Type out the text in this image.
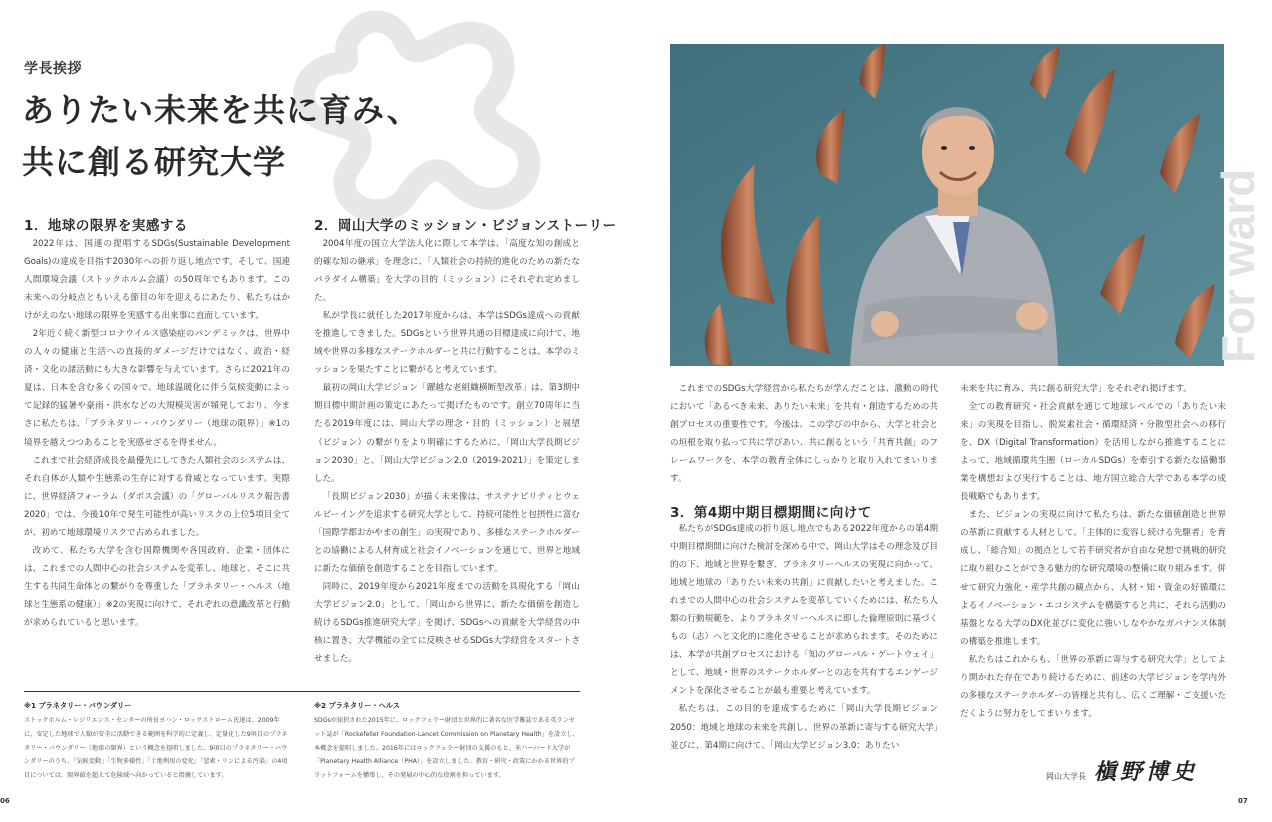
学長挨拶
ありたい未来を共に育み、
共に創る研究大学
1．地球の限界を実感する

2022年は、国連の提唱するSDGs(Sustainable Development Goals)の達成を目指す2030年への折り返し地点です。そして、国連人間環境会議（ストックホルム会議）の50周年でもあります。この未来への分岐点ともいえる節目の年を迎えるにあたり、私たちはかけがえのない地球の限界を実感する出来事に直面しています。

2年近く続く新型コロナウイルス感染症のパンデミックは、世界中の人々の健康と生活への直接的ダメージだけではなく、政治・経済・文化の諸活動にも大きな影響を与えています。さらに2021年の夏は、日本を含む多くの国々で、地球温暖化に伴う気候変動によって記録的猛暑や豪雨・洪水などの大規模災害が頻発しており、今まさに私たちは、「プラネタリー・バウンダリー（地球の限界）」※1の境界を越えつつあることを実感せざるを得ません。

これまで社会経済成長を最優先にしてきた人類社会のシステムは、それ自体が人類や生態系の生存に対する脅威となっています。実際に、世界経済フォーラム（ダボス会議）の「グローバルリスク報告書2020」では、今後10年で発生可能性が高いリスクの上位5項目全てが、初めて地球環境リスクで占められました。

改めて、私たち大学を含む国際機関や各国政府、企業・団体には、これまでの人間中心の社会システムを変革し、地球と、そこに共生する共同生命体との繋がりを尊重した「プラネタリー・ヘルス（地球と生態系の健康）」※2の実現に向けて、それぞれの意識改革と行動が求められていると思います。

2．岡山大学のミッション・ビジョンストーリー

2004年度の国立大学法人化に際して本学は、「高度な知の創成と的確な知の継承」を理念に、「人類社会の持続的進化のための新たなパラダイム構築」を大学の目的（ミッション）にそれぞれ定めました。

私が学長に就任した2017年度からは、本学はSDGs達成への貢献を推進してきました。SDGsという世界共通の目標達成に向けて、地域や世界の多様なステークホルダーと共に行動することは、本学のミッションを果たすことに繋がると考えています。

最初の岡山大学ビジョン「躍越な老組織横断型改革」は、第3期中期目標中期計画の策定にあたって掲げたものです。創立70周年に当たる2019年度には、岡山大学の理念・目的（ミッション）と展望（ビジョン）の繋がりをより明確にするために、「岡山大学長期ビジョン2030」と、「岡山大学ビジョン2.0（2019-2021）」を策定しました。

「長期ビジョン2030」が描く未来像は、サステナビリティとウェルビーイングを追求する研究大学として、持続可能性と包摂性に富む「国際学都おかやまの創生」の実現であり、多様なステークホルダーとの協働による人材育成と社会イノベーションを通じて、世界と地域に新たな価値を創造することを目指しています。

同時に、2019年度から2021年度までの活動を具現化する「岡山大学ビジョン2.0」として、「岡山から世界に、新たな価値を創造し続けるSDGs推進研究大学」を掲げ、SDGsへの貢献を大学経営の中核に置き、大学機能の全てに反映させるSDGs大学経営をスタートさせました。

※1 プラネタリー・バウンダリー
ストックホルム・レジリエンス・センターの所長ヨハン・ロックストローム氏達は、2009年に、安定した地球で人類が安全に活動できる範囲を科学的に定義し、定量化した9項目のプラネタリー・バウンダリー（地球の限界）という概念を提唱しました。9項目のプラネタリー・バウンダリーのうち、「気候変動」「生物多様性」「土地利用の変化」「窒素・リンによる汚染」の4項目については、限界値を超えて危険域へ向かっていると指摘しています。
※2 プラネタリー・ヘルス
SDGsが採択された2015年に、ロックフェラー財団と世界的に著名な医学雑誌である英ランセット誌が「Rockefeller Foundation-Lancet Commission on Planetary Health」を設立し、本概念を提唱しました。2016年にはロックフェラー財団の支援のもと、米ハーバード大学が「Planetary Health Alliance（PHA）」を設立しました。教育・研究・政策にかかる世界的プラットフォームを構築し、その発展の中心的な役割を担っています。
06
For ward

これまでのSDGs大学経営から私たちが学んだことは、激動の時代において「あるべき未来、ありたい未来」を共有・創造するための共創プロセスの重要性です。今後は、この学びの中から、大学と社会との垣根を取り払って共に学びあい、共に創るという「共育共創」のフレームワークを、本学の教育全体にしっかりと取り入れてまいります。

3．第4期中期目標期間に向けて

私たちがSDGs達成の折り返し地点でもある2022年度からの第4期中期目標期間に向けた検討を深める中で、岡山大学はその理念及び目的の下、地域と世界を繋ぎ、プラネタリーヘルスの実現に向かって、地域と地球の「ありたい未来の共創」に貢献したいと考えました。これまでの人間中心の社会システムを変革していくためには、私たち人類の行動規範を、よりプラネタリーヘルスに即した倫理原則に基づくもの（志）へと文化的に進化させることが求められます。そのためには、本学が共創プロセスにおける「知のグローバル・ゲートウェイ」として、地域・世界のステークホルダーとの志を共有するエンゲージメントを深化させることが最も重要と考えています。

私たちは、この目的を達成するために「岡山大学長期ビジョン2050：地域と地球の未来を共創し、世界の革新に寄与する研究大学」並びに、第4期に向けて、「岡山大学ビジョン3.0：ありたい

未来を共に育み、共に創る研究大学」をそれぞれ掲げます。

全ての教育研究・社会貢献を通じて地球レベルでの「ありたい未来」の実現を目指し、脱炭素社会・循環経済・分散型社会への移行を、DX（Digital Transformation）を活用しながら推進することによって、地域循環共生圏（ローカルSDGs）を牽引する新たな協働事業を構想および実行することは、地方国立総合大学である本学の成長戦略でもあります。

また、ビジョンの実現に向けて私たちは、新たな価値創造と世界の革新に貢献する人材として、「主体的に変容し続ける先駆者」を育成し、「総合知」の拠点として若手研究者が自由な発想で挑戦的研究に取り組むことができる魅力的な研究環境の整備に取り組みます。併せて研究力強化・産学共創の観点から、人材・知・資金の好循環によるイノベーション・エコシステムを構築すると共に、それら活動の基盤となる大学のDX化並びに変化に強いしなやかなガバナンス体制の構築を推進します。

私たちはこれからも、「世界の革新に寄与する研究大学」としてより開かれた存在であり続けるために、前述の大学ビジョンを学内外の多様なステークホルダーの皆様と共有し、広くご理解・ご支援いただくように努力をしてまいります。

岡山大学長 槇野博史
07
